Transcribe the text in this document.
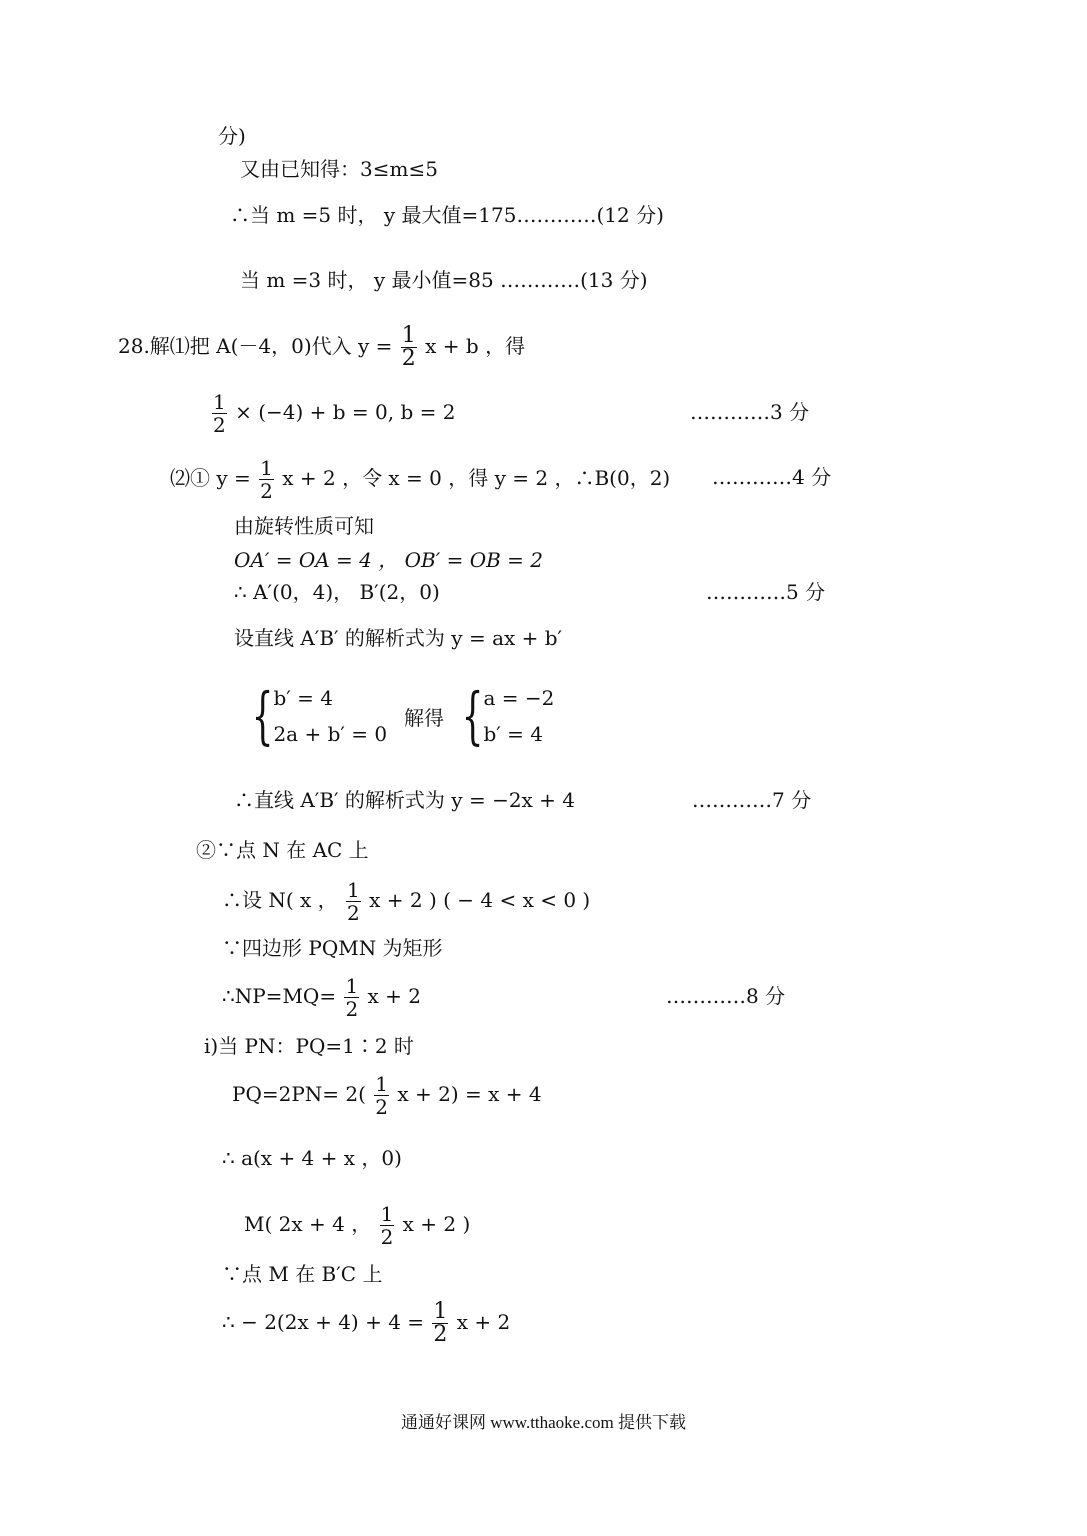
分)
又由已知得：3≤m≤5
∴当 m =5 时， y 最大值=175…………(12 分)
当 m =3 时， y 最小值=85 …………(13 分)
28.解⑴把 A(－4，0)代入 $y = \frac{1}{2}$ x + b ，得
$\frac{1}{2} \times (-4) + b = 0$, b = 2	…………3 分
⑵① $y = \frac{1}{2}$ x + 2 ，令 x = 0 ，得 y = 2 ，∴B(0，2) …………4 分
由旋转性质可知
OA′ = OA = 4 ， OB′ = OB = 2
∴ A′(0，4)， B′(2，0)	…………5 分
设直线 A′B′ 的解析式为 y = ax + b′
{ b′ = 4
2a + b′ = 0
解得 { a = −2
b′ = 4
∴直线 A′B′ 的解析式为 y = −2x + 4	…………7 分
②∵点 N 在 AC 上
∴设 N( x ， $\frac{1}{2}$ x + 2 ) ( − 4 < x < 0 )
∵四边形 PQMN 为矩形
∴NP=MQ= $\frac{1}{2}$ x + 2	…………8 分
ⅰ)当 PN：PQ=1∶2 时
$PQ=2PN= 2( \frac{1}{2}$ x + 2) = x + 4
∴ a(x + 4 + x ，0)
M( 2x + 4 ， $\frac{1}{2}$ x + 2 )
∵点 M 在 B′C 上
∴ − $2(2x + 4) + 4 = \frac{1}{2}$ x + 2
通通好课网 www.tthaoke.com 提供下载
